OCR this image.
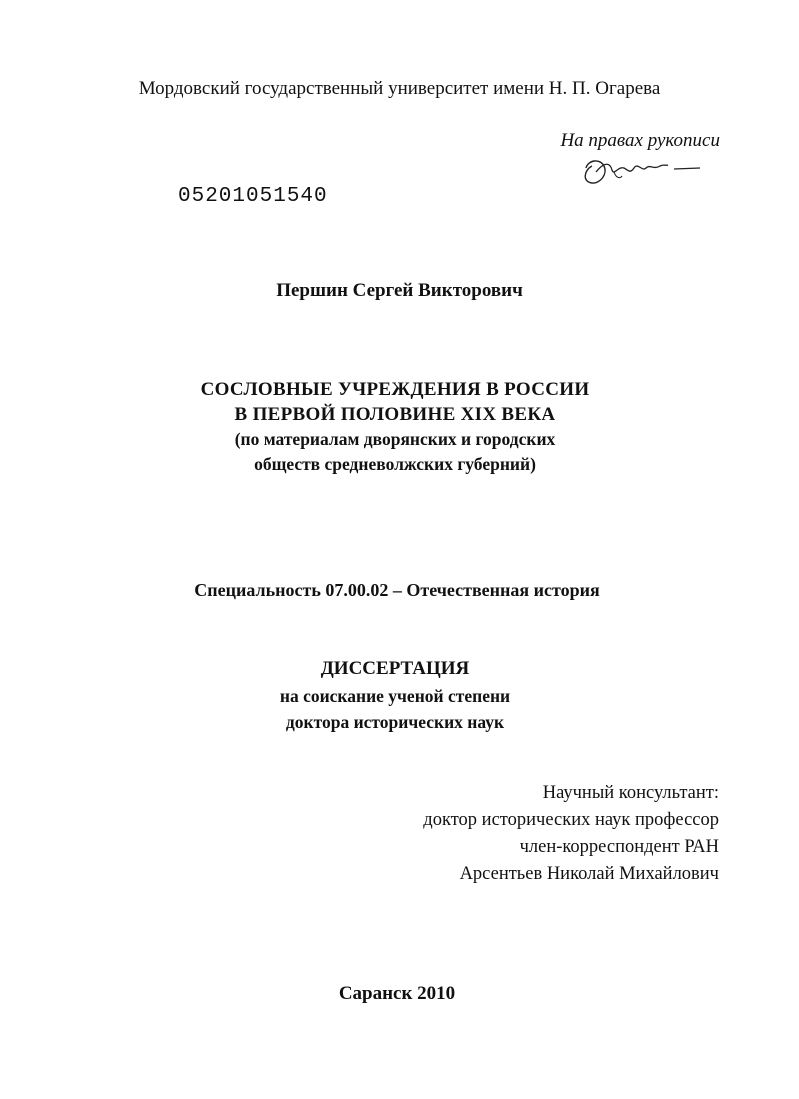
Мордовский государственный университет имени Н. П. Огарева
На правах рукописи
05201051540
Першин Сергей Викторович
СОСЛОВНЫЕ УЧРЕЖДЕНИЯ В РОССИИ
В ПЕРВОЙ ПОЛОВИНЕ XIX ВЕКА
(по материалам дворянских и городских
обществ средневолжских губерний)
Специальность 07.00.02 – Отечественная история
ДИССЕРТАЦИЯ
на соискание ученой степени
доктора исторических наук
Научный консультант:
доктор исторических наук профессор
член-корреспондент РАН
Арсентьев Николай Михайлович
Саранск 2010
